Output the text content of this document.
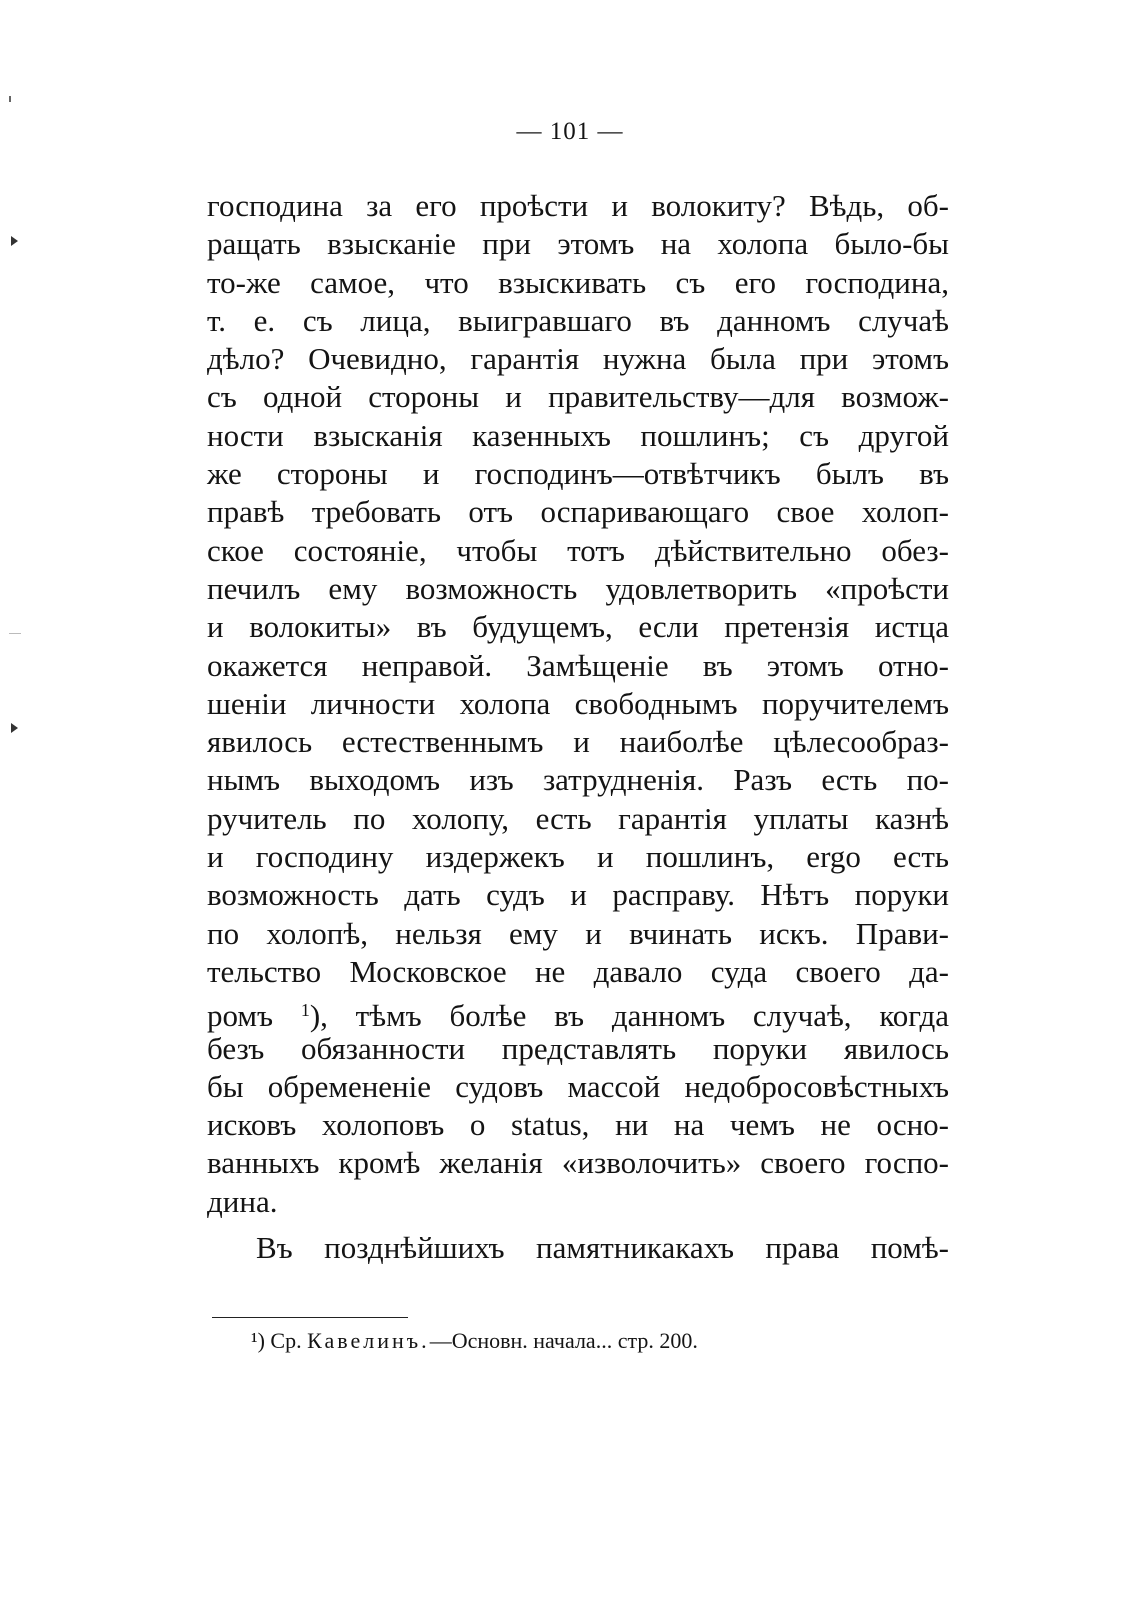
— 101 —
господина за его проѣсти и волокиту? Вѣдь, об-
ращать взысканіе при этомъ на холопа было-бы
то-же самое, что взыскивать съ его господина,
т. е. съ лица, выигравшаго въ данномъ случаѣ
дѣло? Очевидно, гарантія нужна была при этомъ
съ одной стороны и правительству—для возмож-
ности взысканія казенныхъ пошлинъ; съ другой
же стороны и господинъ—отвѣтчикъ былъ въ
правѣ требовать отъ оспаривающаго свое холоп-
ское состояніе, чтобы тотъ дѣйствительно обез-
печилъ ему возможность удовлетворить «проѣсти
и волокиты» въ будущемъ, если претензія истца
окажется неправой. Замѣщеніе въ этомъ отно-
шеніи личности холопа свободнымъ поручителемъ
явилось естественнымъ и наиболѣе цѣлесообраз-
нымъ выходомъ изъ затрудненія. Разъ есть по-
ручитель по холопу, есть гарантія уплаты казнѣ
и господину издержекъ и пошлинъ, ergo есть
возможность дать судъ и расправу. Нѣтъ поруки
по холопѣ, нельзя ему и вчинать искъ. Прави-
тельство Московское не давало суда своего да-
ромъ $^1$), тѣмъ болѣе въ данномъ случаѣ, когда
безъ обязанности представлять поруки явилось
бы обремененіе судовъ массой недобросовѣстныхъ
исковъ холоповъ о status, ни на чемъ не осно-
ванныхъ кромѣ желанія «изволочить» своего госпо-
дина.
Въ позднѣйшихъ памятникакахъ права помѣ-
¹) Ср. Кавелинъ.—Основн. начала... стр. 200.
